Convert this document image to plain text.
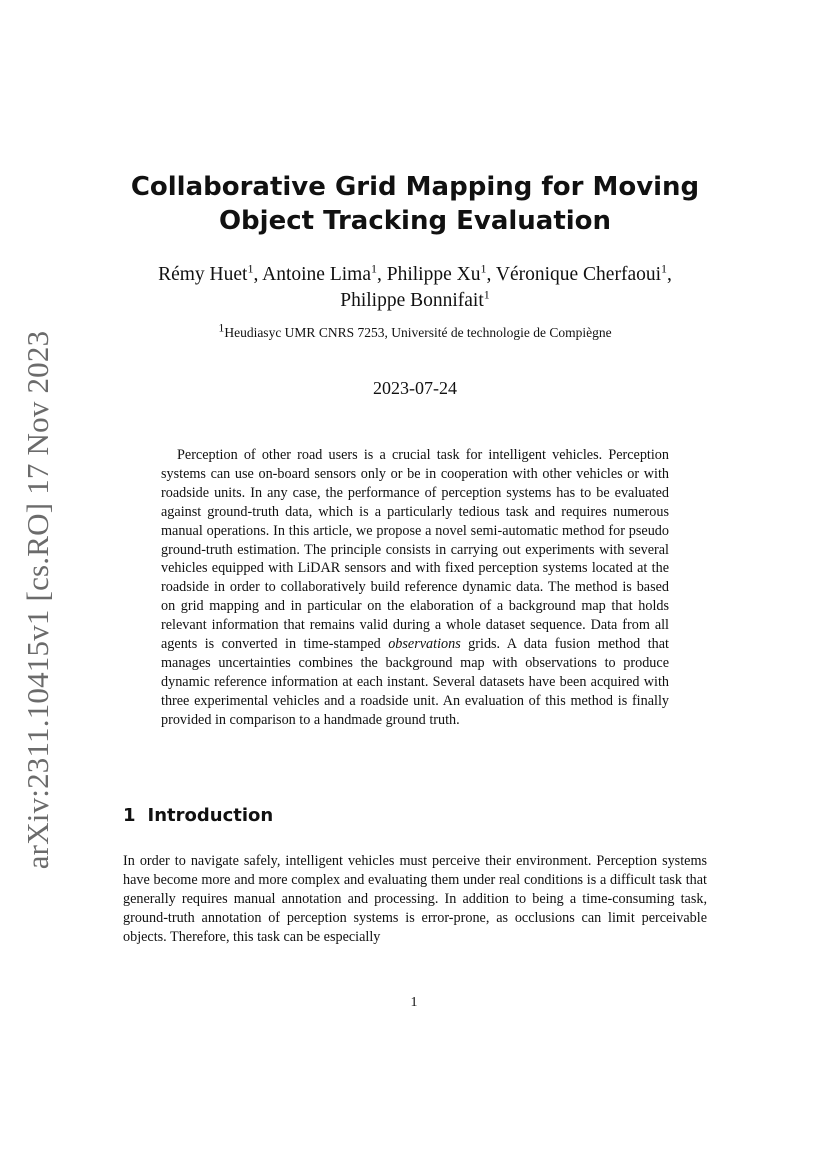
arXiv:2311.10415v1 [cs.RO] 17 Nov 2023
Collaborative Grid Mapping for Moving
Object Tracking Evaluation
Rémy Huet$^1$, Antoine Lima$^1$, Philippe Xu$^1$, Véronique Cherfaoui$^1$,
Philippe Bonnifait$^1$
$^1$Heudiasyc UMR CNRS 7253, Université de technologie de Compiègne
2023-07-24

Perception of other road users is a crucial task for intelligent vehicles. Perception systems can use on-board sensors only or be in cooperation with other vehicles or with roadside units. In any case, the performance of perception systems has to be evaluated against ground-truth data, which is a particularly tedious task and requires numerous manual operations. In this article, we propose a novel semi-automatic method for pseudo ground-truth estimation. The principle consists in carrying out experiments with several vehicles equipped with LiDAR sensors and with fixed perception systems located at the roadside in order to collaboratively build reference dynamic data. The method is based on grid mapping and in particular on the elaboration of a background map that holds relevant information that remains valid during a whole dataset sequence. Data from all agents is converted in time-stamped observations grids. A data fusion method that manages uncertainties combines the background map with observations to produce dynamic reference information at each instant. Several datasets have been acquired with three experimental vehicles and a roadside unit. An evaluation of this method is finally provided in comparison to a handmade ground truth.

1 Introduction

In order to navigate safely, intelligent vehicles must perceive their environment. Perception systems have become more and more complex and evaluating them under real conditions is a difficult task that generally requires manual annotation and processing. In addition to being a time-consuming task, ground-truth annotation of perception systems is error-prone, as occlusions can limit perceivable objects. Therefore, this task can be especially

1
